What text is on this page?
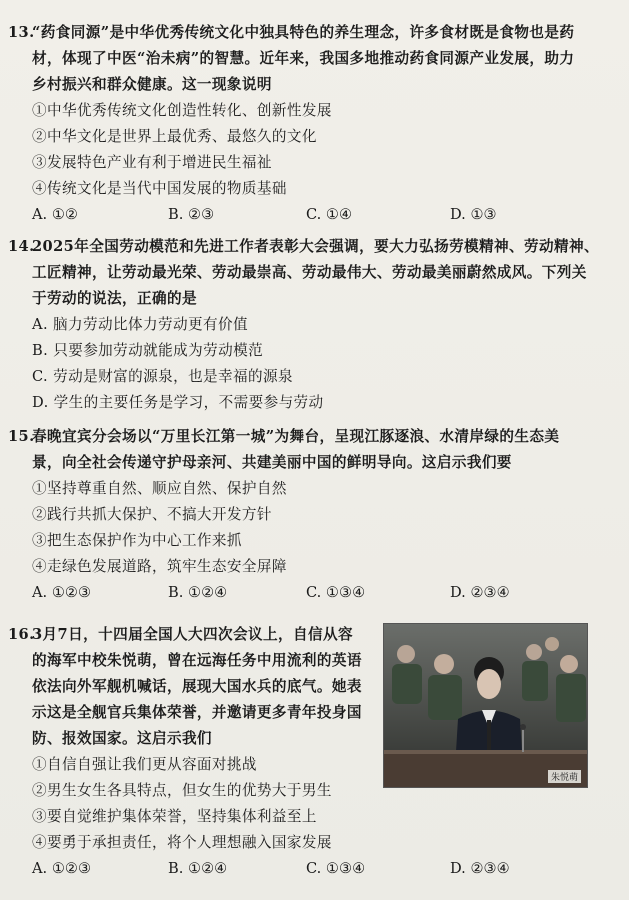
13.“药食同源”是中华优秀传统文化中独具特色的养生理念，许多食材既是食物也是药
材，体现了中医“治未病”的智慧。近年来，我国多地推动药食同源产业发展，助力
乡村振兴和群众健康。这一现象说明
①中华优秀传统文化创造性转化、创新性发展
②中华文化是世界上最优秀、最悠久的文化
③发展特色产业有利于增进民生福祉
④传统文化是当代中国发展的物质基础
A. ①②	B. ②③	C. ①④	D. ①③
14.2025年全国劳动模范和先进工作者表彰大会强调，要大力弘扬劳模精神、劳动精神、
工匠精神，让劳动最光荣、劳动最崇高、劳动最伟大、劳动最美丽蔚然成风。下列关
于劳动的说法，正确的是
A. 脑力劳动比体力劳动更有价值
B. 只要参加劳动就能成为劳动模范
C. 劳动是财富的源泉，也是幸福的源泉
D. 学生的主要任务是学习，不需要参与劳动
15.春晚宜宾分会场以“万里长江第一城”为舞台，呈现江豚逐浪、水清岸绿的生态美
景，向全社会传递守护母亲河、共建美丽中国的鲜明导向。这启示我们要
①坚持尊重自然、顺应自然、保护自然
②践行共抓大保护、不搞大开发方针
③把生态保护作为中心工作来抓
④走绿色发展道路，筑牢生态安全屏障
A. ①②③	B. ①②④	C. ①③④	D. ②③④
16.3月7日，十四届全国人大四次会议上，自信从容
的海军中校朱悦萌，曾在远海任务中用流利的英语
依法向外军舰机喊话，展现大国水兵的底气。她表
示这是全舰官兵集体荣誉，并邀请更多青年投身国
防、报效国家。这启示我们
①自信自强让我们更从容面对挑战
②男生女生各具特点，但女生的优势大于男生
③要自觉维护集体荣誉，坚持集体利益至上
④要勇于承担责任，将个人理想融入国家发展
A. ①②③	B. ①②④	C. ①③④	D. ②③④
朱悦萌
